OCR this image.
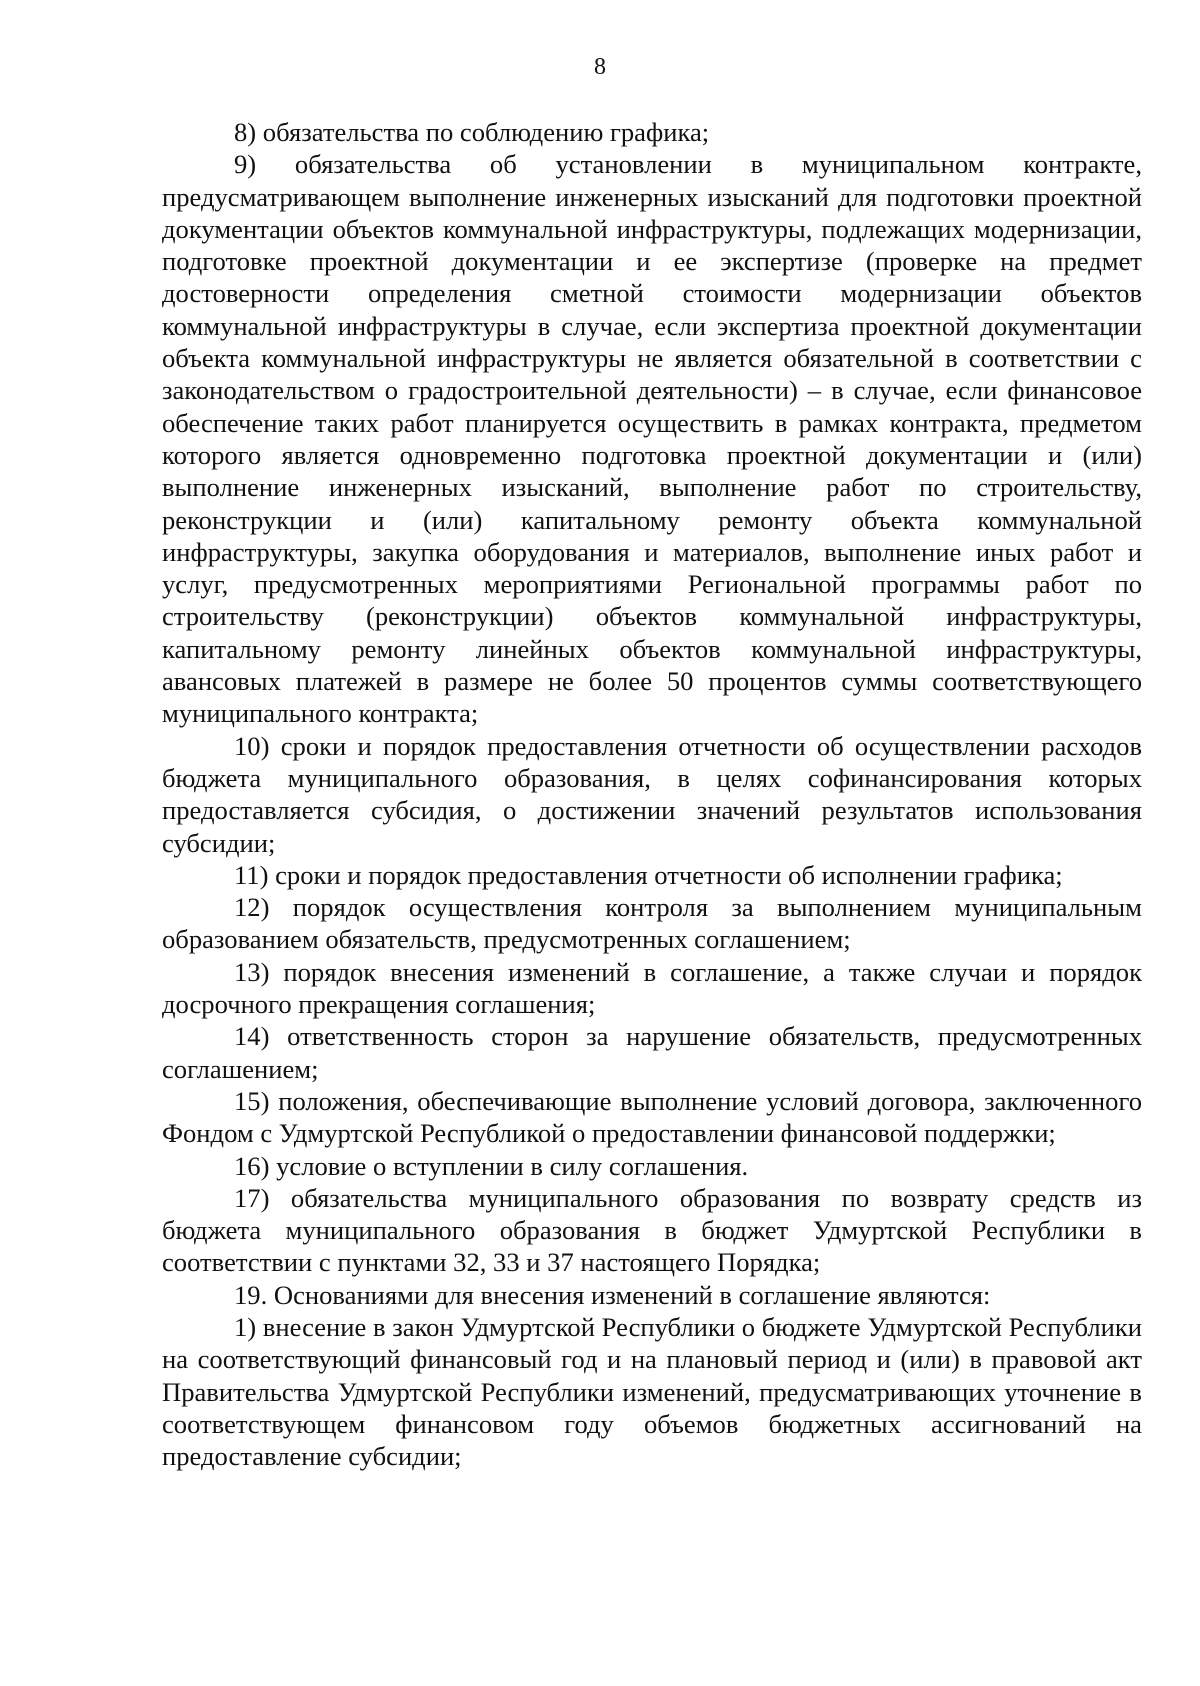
8

8) обязательства по соблюдению графика;

9) обязательства об установлении в муниципальном контракте, предусматривающем выполнение инженерных изысканий для подготовки проектной документации объектов коммунальной инфраструктуры, подлежащих модернизации, подготовке проектной документации и ее экспертизе (проверке на предмет достоверности определения сметной стоимости модернизации объектов коммунальной инфраструктуры в случае, если экспертиза проектной документации объекта коммунальной инфраструктуры не является обязательной в соответствии с законодательством о градостроительной деятельности) – в случае, если финансовое обеспечение таких работ планируется осуществить в рамках контракта, предметом которого является одновременно подготовка проектной документации и (или) выполнение инженерных изысканий, выполнение работ по строительству, реконструкции и (или) капитальному ремонту объекта коммунальной инфраструктуры, закупка оборудования и материалов, выполнение иных работ и услуг, предусмотренных мероприятиями Региональной программы работ по строительству (реконструкции) объектов коммунальной инфраструктуры, капитальному ремонту линейных объектов коммунальной инфраструктуры, авансовых платежей в размере не более 50 процентов суммы соответствующего муниципального контракта;

10) сроки и порядок предоставления отчетности об осуществлении расходов бюджета муниципального образования, в целях софинансирования которых предоставляется субсидия, о достижении значений результатов использования субсидии;

11) сроки и порядок предоставления отчетности об исполнении графика;

12) порядок осуществления контроля за выполнением муниципальным образованием обязательств, предусмотренных соглашением;

13) порядок внесения изменений в соглашение, а также случаи и порядок досрочного прекращения соглашения;

14) ответственность сторон за нарушение обязательств, предусмотренных соглашением;

15) положения, обеспечивающие выполнение условий договора, заключенного Фондом с Удмуртской Республикой о предоставлении финансовой поддержки;

16) условие о вступлении в силу соглашения.

17) обязательства муниципального образования по возврату средств из бюджета муниципального образования в бюджет Удмуртской Республики в соответствии с пунктами 32, 33 и 37 настоящего Порядка;

19. Основаниями для внесения изменений в соглашение являются:

1) внесение в закон Удмуртской Республики о бюджете Удмуртской Республики на соответствующий финансовый год и на плановый период и (или) в правовой акт Правительства Удмуртской Республики изменений, предусматривающих уточнение в соответствующем финансовом году объемов бюджетных ассигнований на предоставление субсидии;
